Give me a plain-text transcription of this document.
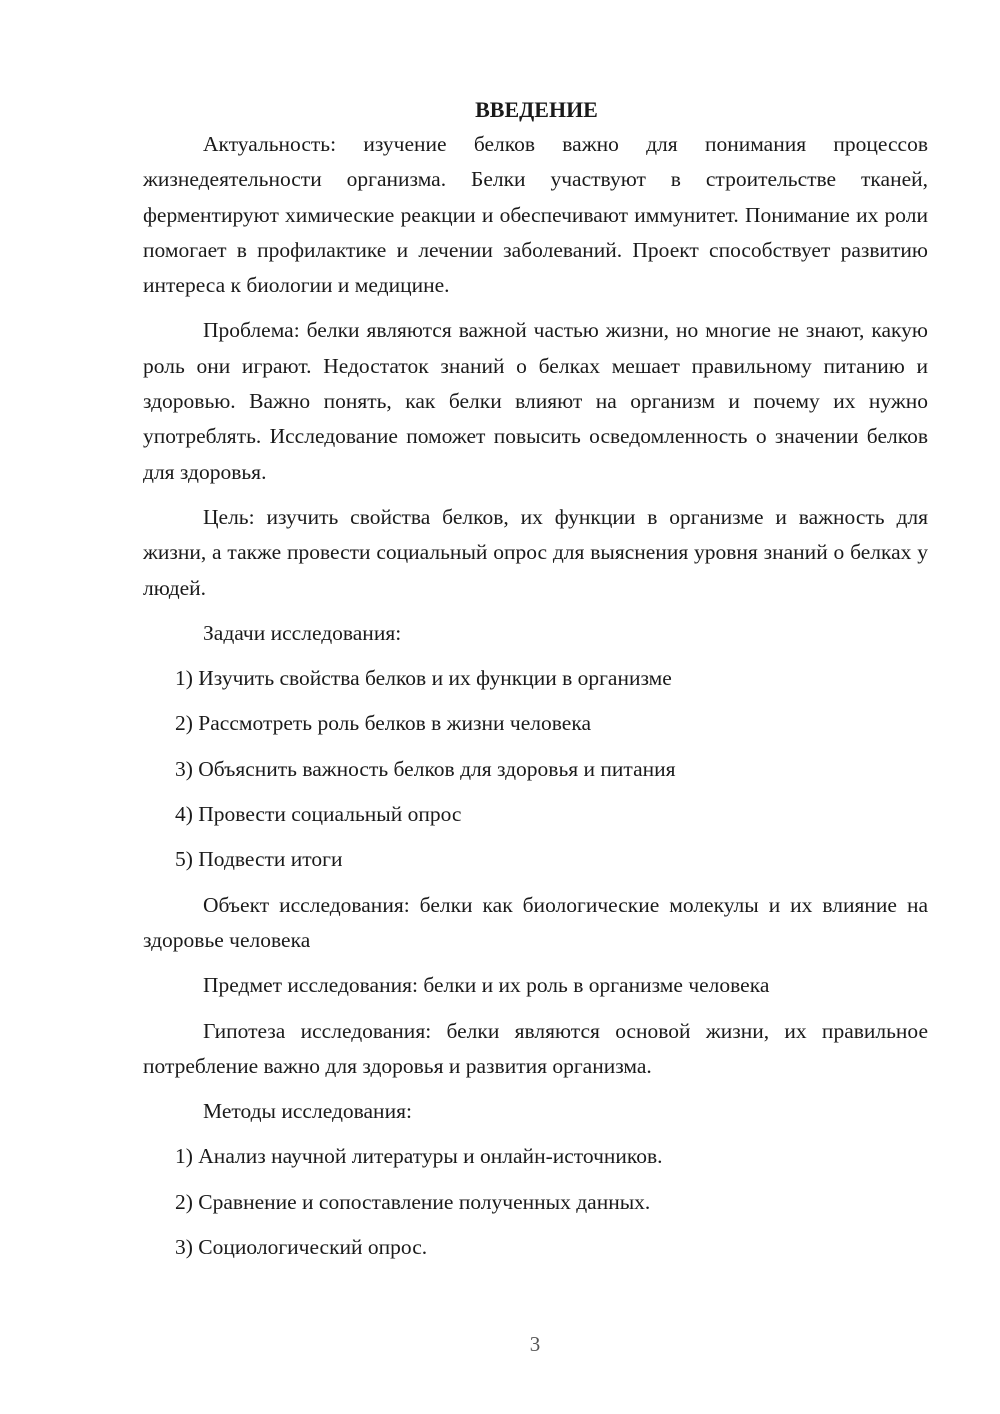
ВВЕДЕНИЕ

Актуальность: изучение белков важно для понимания процессов жизнедеятельности организма. Белки участвуют в строительстве тканей, ферментируют химические реакции и обеспечивают иммунитет. Понимание их роли помогает в профилактике и лечении заболеваний. Проект способствует развитию интереса к биологии и медицине.

Проблема: белки являются важной частью жизни, но многие не знают, какую роль они играют. Недостаток знаний о белках мешает правильному питанию и здоровью. Важно понять, как белки влияют на организм и почему их нужно употреблять. Исследование поможет повысить осведомленность о значении белков для здоровья.

Цель: изучить свойства белков, их функции в организме и важность для жизни, а также провести социальный опрос для выяснения уровня знаний о белках у людей.

Задачи исследования:

1) Изучить свойства белков и их функции в организме

2) Рассмотреть роль белков в жизни человека

3) Объяснить важность белков для здоровья и питания

4) Провести социальный опрос

5) Подвести итоги

Объект исследования: белки как биологические молекулы и их влияние на здоровье человека

Предмет исследования: белки и их роль в организме человека

Гипотеза исследования: белки являются основой жизни, их правильное потребление важно для здоровья и развития организма.

Методы исследования:

1) Анализ научной литературы и онлайн-источников.

2) Сравнение и сопоставление полученных данных.

3) Социологический опрос.

3
